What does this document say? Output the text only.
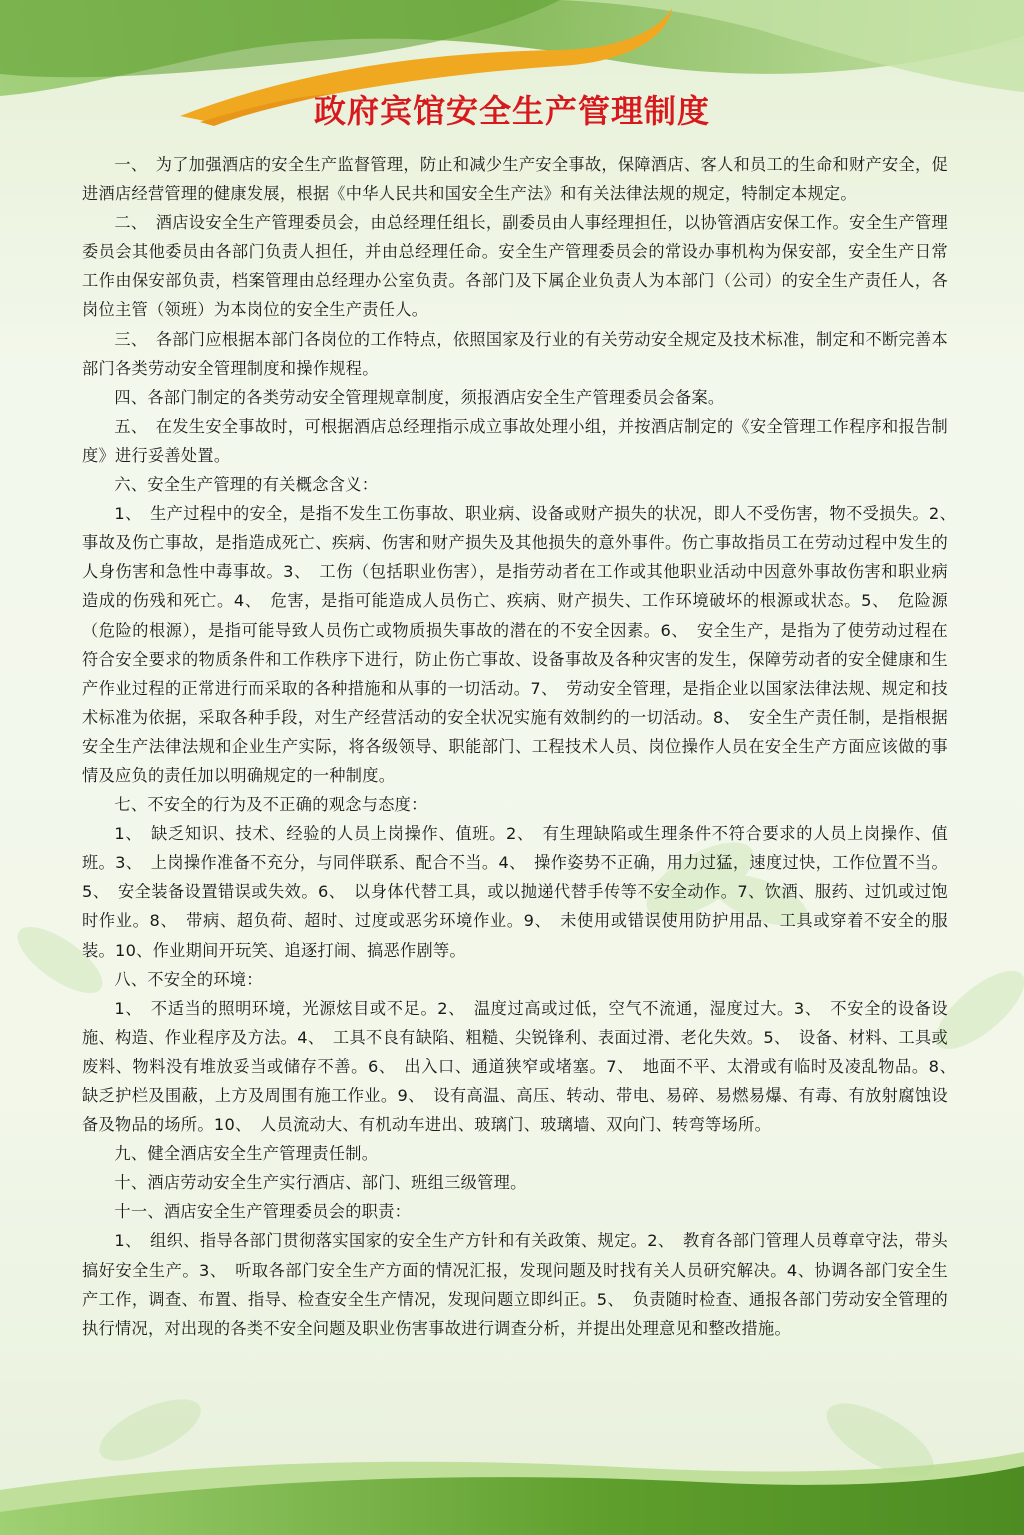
政府宾馆安全生产管理制度

一、　为了加强酒店的安全生产监督管理，防止和减少生产安全事故，保障酒店、客人和员工的生命和财产安全，促进酒店经营管理的健康发展，根据《中华人民共和国安全生产法》和有关法律法规的规定，特制定本规定。

二、　酒店设安全生产管理委员会，由总经理任组长，副委员由人事经理担任，以协管酒店安保工作。安全生产管理委员会其他委员由各部门负责人担任，并由总经理任命。安全生产管理委员会的常设办事机构为保安部，安全生产日常工作由保安部负责，档案管理由总经理办公室负责。各部门及下属企业负责人为本部门（公司）的安全生产责任人，各岗位主管（领班）为本岗位的安全生产责任人。

三、　各部门应根据本部门各岗位的工作特点，依照国家及行业的有关劳动安全规定及技术标准，制定和不断完善本部门各类劳动安全管理制度和操作规程。

四、各部门制定的各类劳动安全管理规章制度，须报酒店安全生产管理委员会备案。

五、　在发生安全事故时，可根据酒店总经理指示成立事故处理小组，并按酒店制定的《安全管理工作程序和报告制度》进行妥善处置。

六、安全生产管理的有关概念含义：

1、　生产过程中的安全，是指不发生工伤事故、职业病、设备或财产损失的状况，即人不受伤害，物不受损失。2、　事故及伤亡事故，是指造成死亡、疾病、伤害和财产损失及其他损失的意外事件。伤亡事故指员工在劳动过程中发生的人身伤害和急性中毒事故。3、　工伤（包括职业伤害），是指劳动者在工作或其他职业活动中因意外事故伤害和职业病造成的伤残和死亡。4、　危害，是指可能造成人员伤亡、疾病、财产损失、工作环境破坏的根源或状态。5、　危险源（危险的根源），是指可能导致人员伤亡或物质损失事故的潜在的不安全因素。6、　安全生产，是指为了使劳动过程在符合安全要求的物质条件和工作秩序下进行，防止伤亡事故、设备事故及各种灾害的发生，保障劳动者的安全健康和生产作业过程的正常进行而采取的各种措施和从事的一切活动。7、　劳动安全管理，是指企业以国家法律法规、规定和技术标准为依据，采取各种手段，对生产经营活动的安全状况实施有效制约的一切活动。8、　安全生产责任制，是指根据安全生产法律法规和企业生产实际，将各级领导、职能部门、工程技术人员、岗位操作人员在安全生产方面应该做的事情及应负的责任加以明确规定的一种制度。

七、不安全的行为及不正确的观念与态度：

1、　缺乏知识、技术、经验的人员上岗操作、值班。2、　有生理缺陷或生理条件不符合要求的人员上岗操作、值班。3、　上岗操作准备不充分，与同伴联系、配合不当。4、　操作姿势不正确，用力过猛，速度过快，工作位置不当。5、　安全装备设置错误或失效。6、　以身体代替工具，或以抛递代替手传等不安全动作。7、饮酒、服药、过饥或过饱时作业。8、　带病、超负荷、超时、过度或恶劣环境作业。9、　未使用或错误使用防护用品、工具或穿着不安全的服装。10、作业期间开玩笑、追逐打闹、搞恶作剧等。

八、不安全的环境：

1、　不适当的照明环境，光源炫目或不足。2、　温度过高或过低，空气不流通，湿度过大。3、　不安全的设备设施、构造、作业程序及方法。4、　工具不良有缺陷、粗糙、尖锐锋利、表面过滑、老化失效。5、　设备、材料、工具或废料、物料没有堆放妥当或储存不善。6、　出入口、通道狭窄或堵塞。7、　地面不平、太滑或有临时及凌乱物品。8、　缺乏护栏及围蔽，上方及周围有施工作业。9、　设有高温、高压、转动、带电、易碎、易燃易爆、有毒、有放射腐蚀设备及物品的场所。10、　人员流动大、有机动车进出、玻璃门、玻璃墙、双向门、转弯等场所。

九、健全酒店安全生产管理责任制。

十、酒店劳动安全生产实行酒店、部门、班组三级管理。

十一、酒店安全生产管理委员会的职责：

1、　组织、指导各部门贯彻落实国家的安全生产方针和有关政策、规定。2、　教育各部门管理人员尊章守法，带头搞好安全生产。3、　听取各部门安全生产方面的情况汇报，发现问题及时找有关人员研究解决。4、协调各部门安全生产工作，调查、布置、指导、检查安全生产情况，发现问题立即纠正。5、　负责随时检查、通报各部门劳动安全管理的执行情况，对出现的各类不安全问题及职业伤害事故进行调查分析，并提出处理意见和整改措施。
